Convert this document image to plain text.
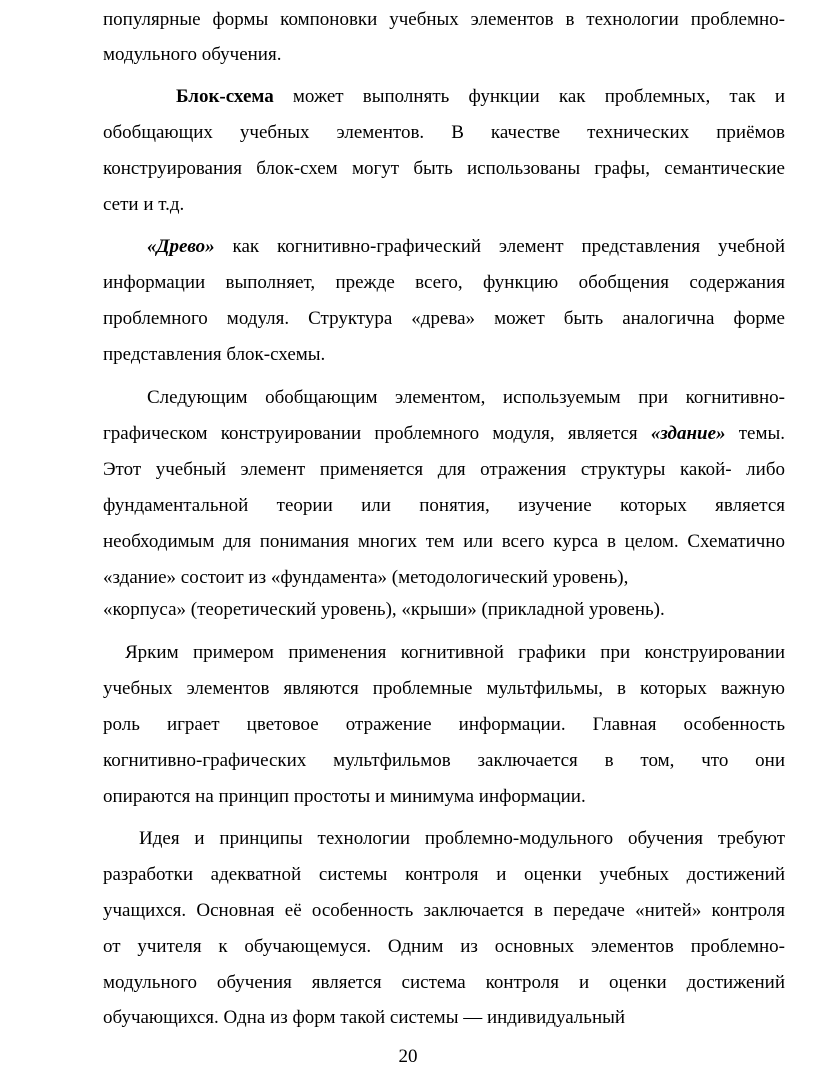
популярные формы компоновки учебных элементов в технологии проблемно-
модульного обучения.
Блок-схема может выполнять функции как проблемных, так и
обобщающих учебных элементов. В качестве технических приёмов
конструирования блок-схем могут быть использованы графы, семантические
сети и т.д.
«Древо» как когнитивно-графический элемент представления учебной
информации выполняет, прежде всего, функцию обобщения содержания
проблемного модуля. Структура «древа» может быть аналогична форме
представления блок-схемы.
Следующим обобщающим элементом, используемым при когнитивно-
графическом конструировании проблемного модуля, является «здание» темы.
Этот учебный элемент применяется для отражения структуры какой- либо
фундаментальной теории или понятия, изучение которых является
необходимым для понимания многих тем или всего курса в целом. Схематично
«здание» состоит из «фундамента» (методологический уровень),
«корпуса» (теоретический уровень), «крыши» (прикладной уровень).
Ярким примером применения когнитивной графики при конструировании
учебных элементов являются проблемные мультфильмы, в которых важную
роль играет цветовое отражение информации. Главная особенность
когнитивно-графических мультфильмов заключается в том, что они
опираются на принцип простоты и минимума информации.
Идея и принципы технологии проблемно-модульного обучения требуют
разработки адекватной системы контроля и оценки учебных достижений
учащихся. Основная её особенность заключается в передаче «нитей» контроля
от учителя к обучающемуся. Одним из основных элементов проблемно-
модульного обучения является система контроля и оценки достижений
обучающихся. Одна из форм такой системы — индивидуальный
20
